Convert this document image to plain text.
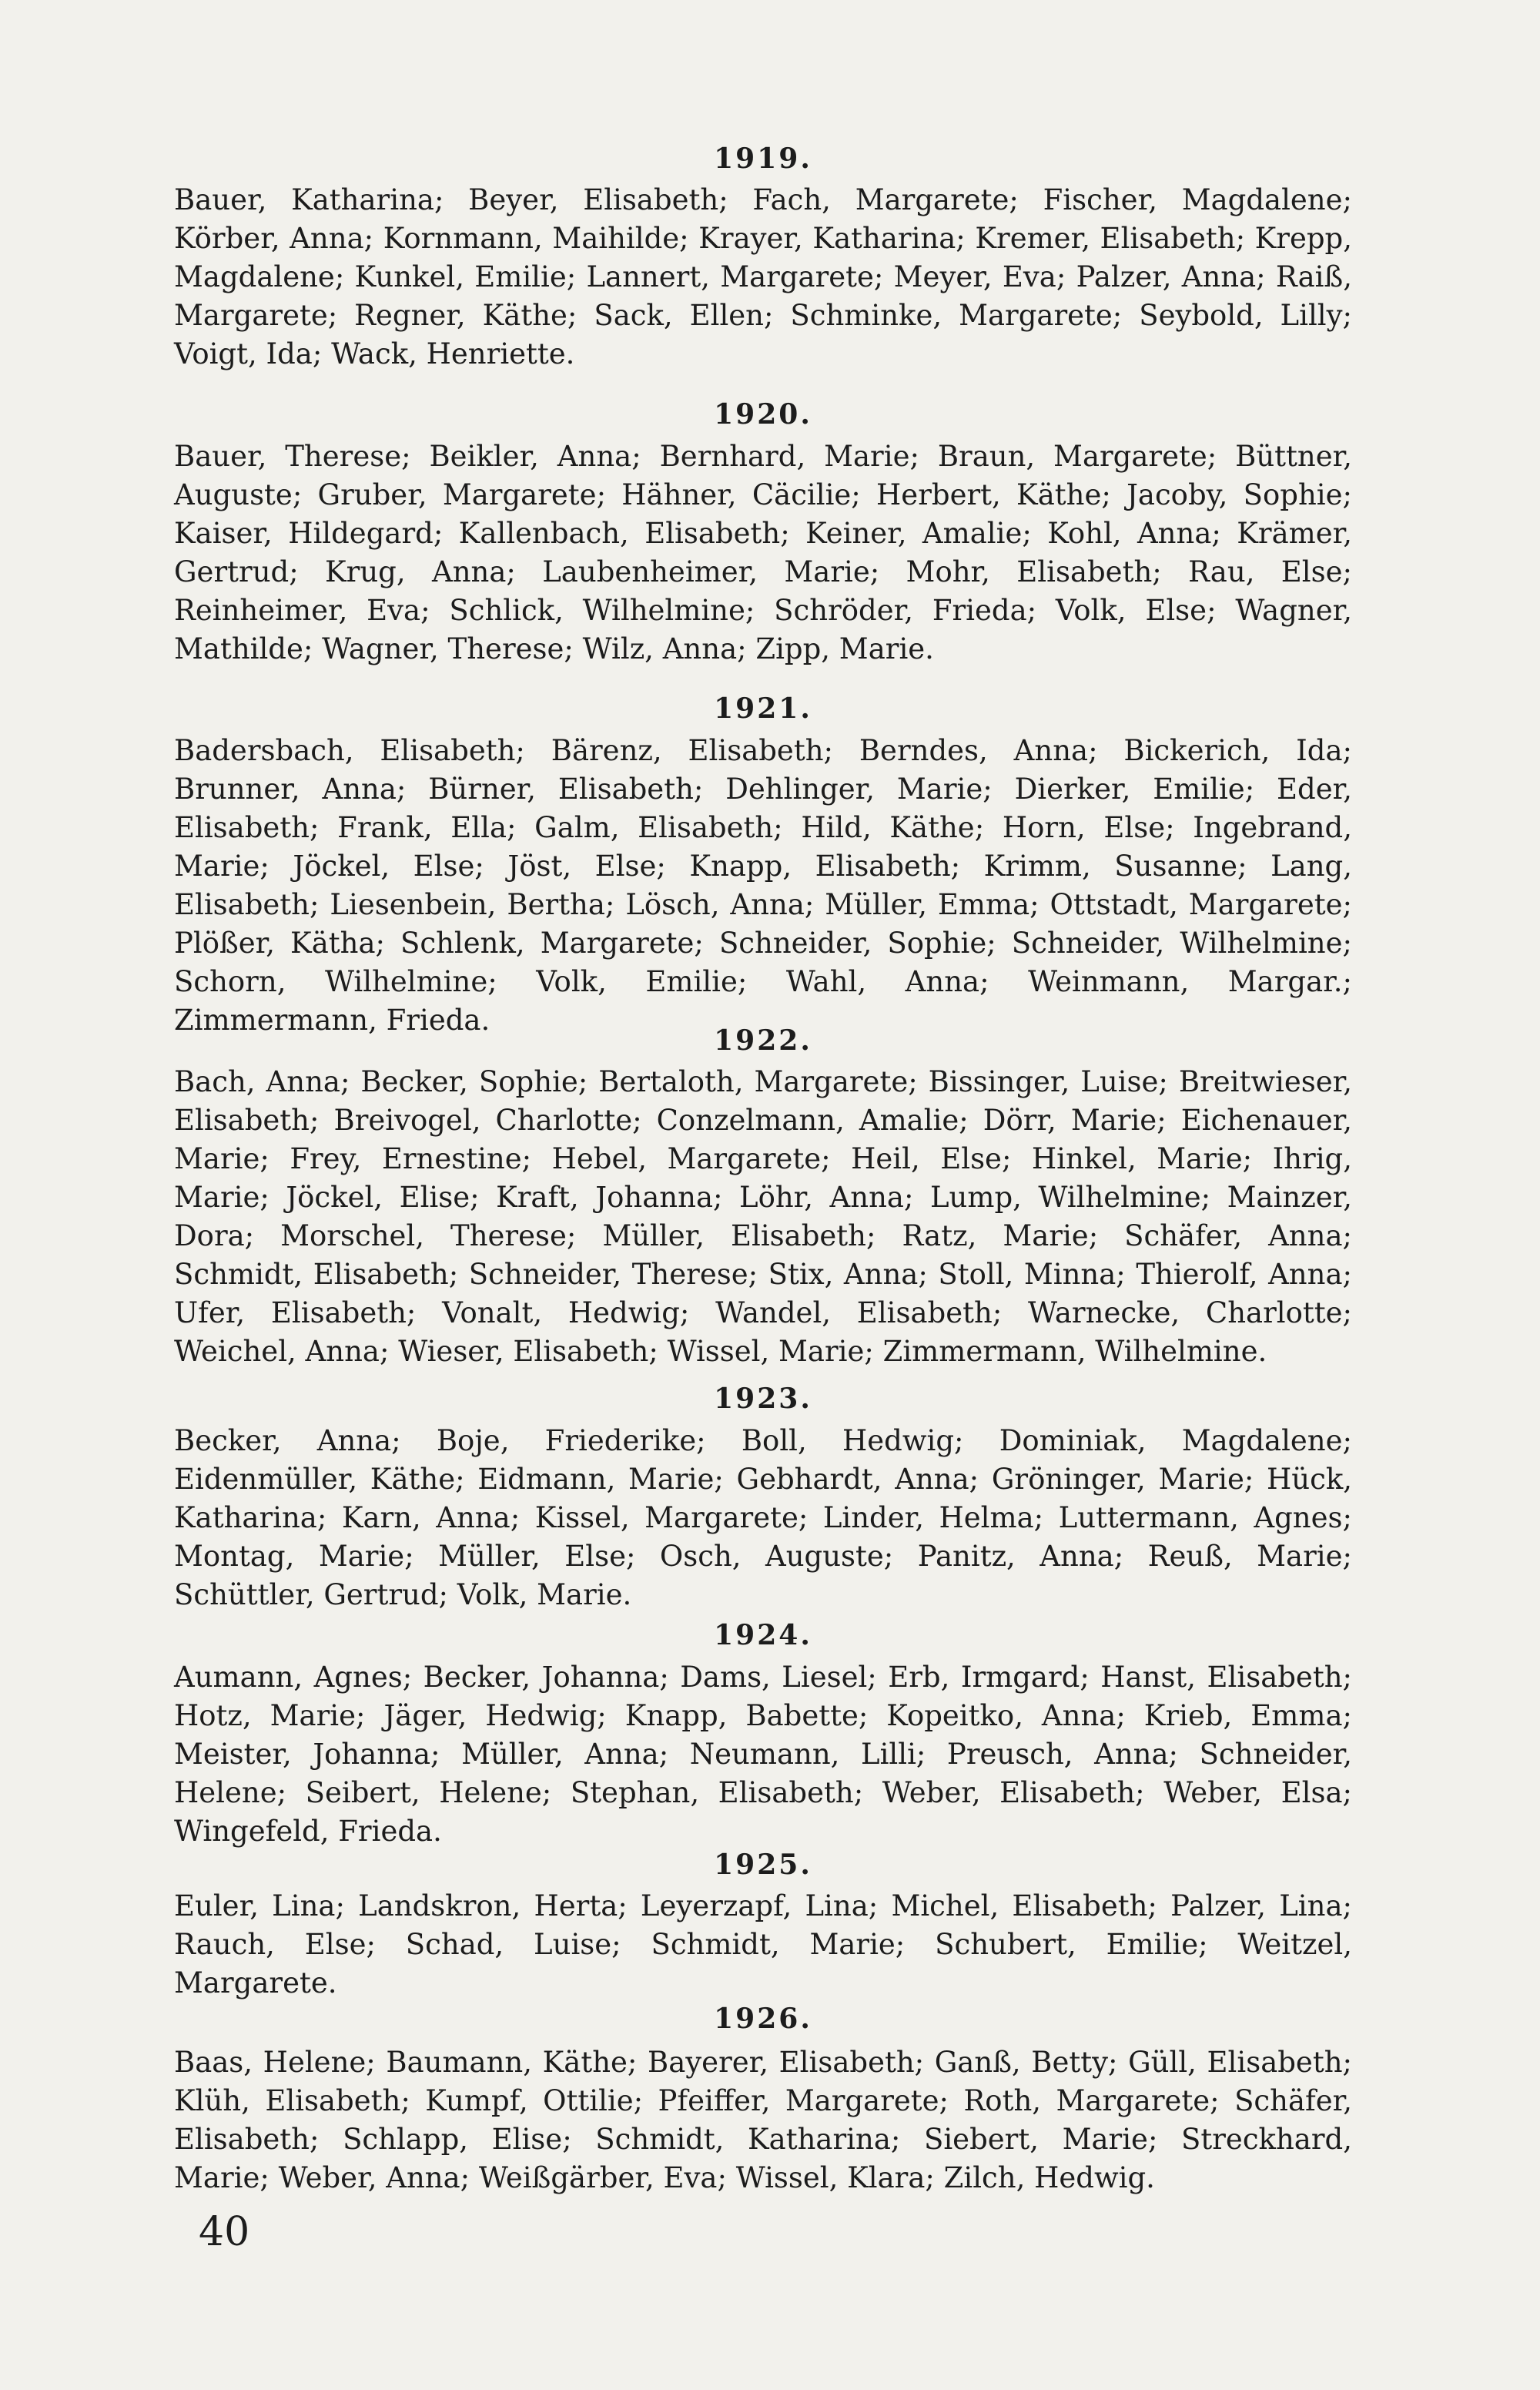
1919.

Bauer, Katharina; Beyer, Elisabeth; Fach, Margarete; Fischer, Magdalene; Körber, Anna; Kornmann, Maihilde; Krayer, Katharina; Kremer, Elisabeth; Krepp, Magdalene; Kunkel, Emilie; Lannert, Margarete; Meyer, Eva; Palzer, Anna; Raiß, Margarete; Regner, Käthe; Sack, Ellen; Schminke, Margarete; Seybold, Lilly; Voigt, Ida; Wack, Henriette.

1920.

Bauer, Therese; Beikler, Anna; Bernhard, Marie; Braun, Margarete; Büttner, Auguste; Gruber, Margarete; Hähner, Cäcilie; Herbert, Käthe; Jacoby, Sophie; Kaiser, Hildegard; Kallenbach, Elisabeth; Keiner, Amalie; Kohl, Anna; Krämer, Gertrud; Krug, Anna; Laubenheimer, Marie; Mohr, Elisabeth; Rau, Else; Reinheimer, Eva; Schlick, Wilhelmine; Schröder, Frieda; Volk, Else; Wagner, Mathilde; Wagner, Therese; Wilz, Anna; Zipp, Marie.

1921.

Badersbach, Elisabeth; Bärenz, Elisabeth; Berndes, Anna; Bickerich, Ida; Brunner, Anna; Bürner, Elisabeth; Dehlinger, Marie; Dierker, Emilie; Eder, Elisabeth; Frank, Ella; Galm, Elisabeth; Hild, Käthe; Horn, Else; Ingebrand, Marie; Jöckel, Else; Jöst, Else; Knapp, Elisabeth; Krimm, Susanne; Lang, Elisabeth; Liesenbein, Bertha; Lösch, Anna; Müller, Emma; Ottstadt, Margarete; Plößer, Kätha; Schlenk, Margarete; Schneider, Sophie; Schneider, Wilhelmine; Schorn, Wilhelmine; Volk, Emilie; Wahl, Anna; Weinmann, Margar.; Zimmermann, Frieda.

1922.

Bach, Anna; Becker, Sophie; Bertaloth, Margarete; Bissinger, Luise; Breitwieser, Elisabeth; Breivogel, Charlotte; Conzelmann, Amalie; Dörr, Marie; Eichenauer, Marie; Frey, Ernestine; Hebel, Margarete; Heil, Else; Hinkel, Marie; Ihrig, Marie; Jöckel, Elise; Kraft, Johanna; Löhr, Anna; Lump, Wilhelmine; Mainzer, Dora; Morschel, Therese; Müller, Elisabeth; Ratz, Marie; Schäfer, Anna; Schmidt, Elisabeth; Schneider, Therese; Stix, Anna; Stoll, Minna; Thierolf, Anna; Ufer, Elisabeth; Vonalt, Hedwig; Wandel, Elisabeth; Warnecke, Charlotte; Weichel, Anna; Wieser, Elisabeth; Wissel, Marie; Zimmermann, Wilhelmine.

1923.

Becker, Anna; Boje, Friederike; Boll, Hedwig; Dominiak, Magdalene; Eidenmüller, Käthe; Eidmann, Marie; Gebhardt, Anna; Gröninger, Marie; Hück, Katharina; Karn, Anna; Kissel, Margarete; Linder, Helma; Luttermann, Agnes; Montag, Marie; Müller, Else; Osch, Auguste; Panitz, Anna; Reuß, Marie; Schüttler, Gertrud; Volk, Marie.

1924.

Aumann, Agnes; Becker, Johanna; Dams, Liesel; Erb, Irmgard; Hanst, Elisabeth; Hotz, Marie; Jäger, Hedwig; Knapp, Babette; Kopeitko, Anna; Krieb, Emma; Meister, Johanna; Müller, Anna; Neumann, Lilli; Preusch, Anna; Schneider, Helene; Seibert, Helene; Stephan, Elisabeth; Weber, Elisabeth; Weber, Elsa; Wingefeld, Frieda.

1925.

Euler, Lina; Landskron, Herta; Leyerzapf, Lina; Michel, Elisabeth; Palzer, Lina; Rauch, Else; Schad, Luise; Schmidt, Marie; Schubert, Emilie; Weitzel, Margarete.

1926.

Baas, Helene; Baumann, Käthe; Bayerer, Elisabeth; Ganß, Betty; Güll, Elisabeth; Klüh, Elisabeth; Kumpf, Ottilie; Pfeiffer, Margarete; Roth, Margarete; Schäfer, Elisabeth; Schlapp, Elise; Schmidt, Katharina; Siebert, Marie; Streckhard, Marie; Weber, Anna; Weißgärber, Eva; Wissel, Klara; Zilch, Hedwig.

40
